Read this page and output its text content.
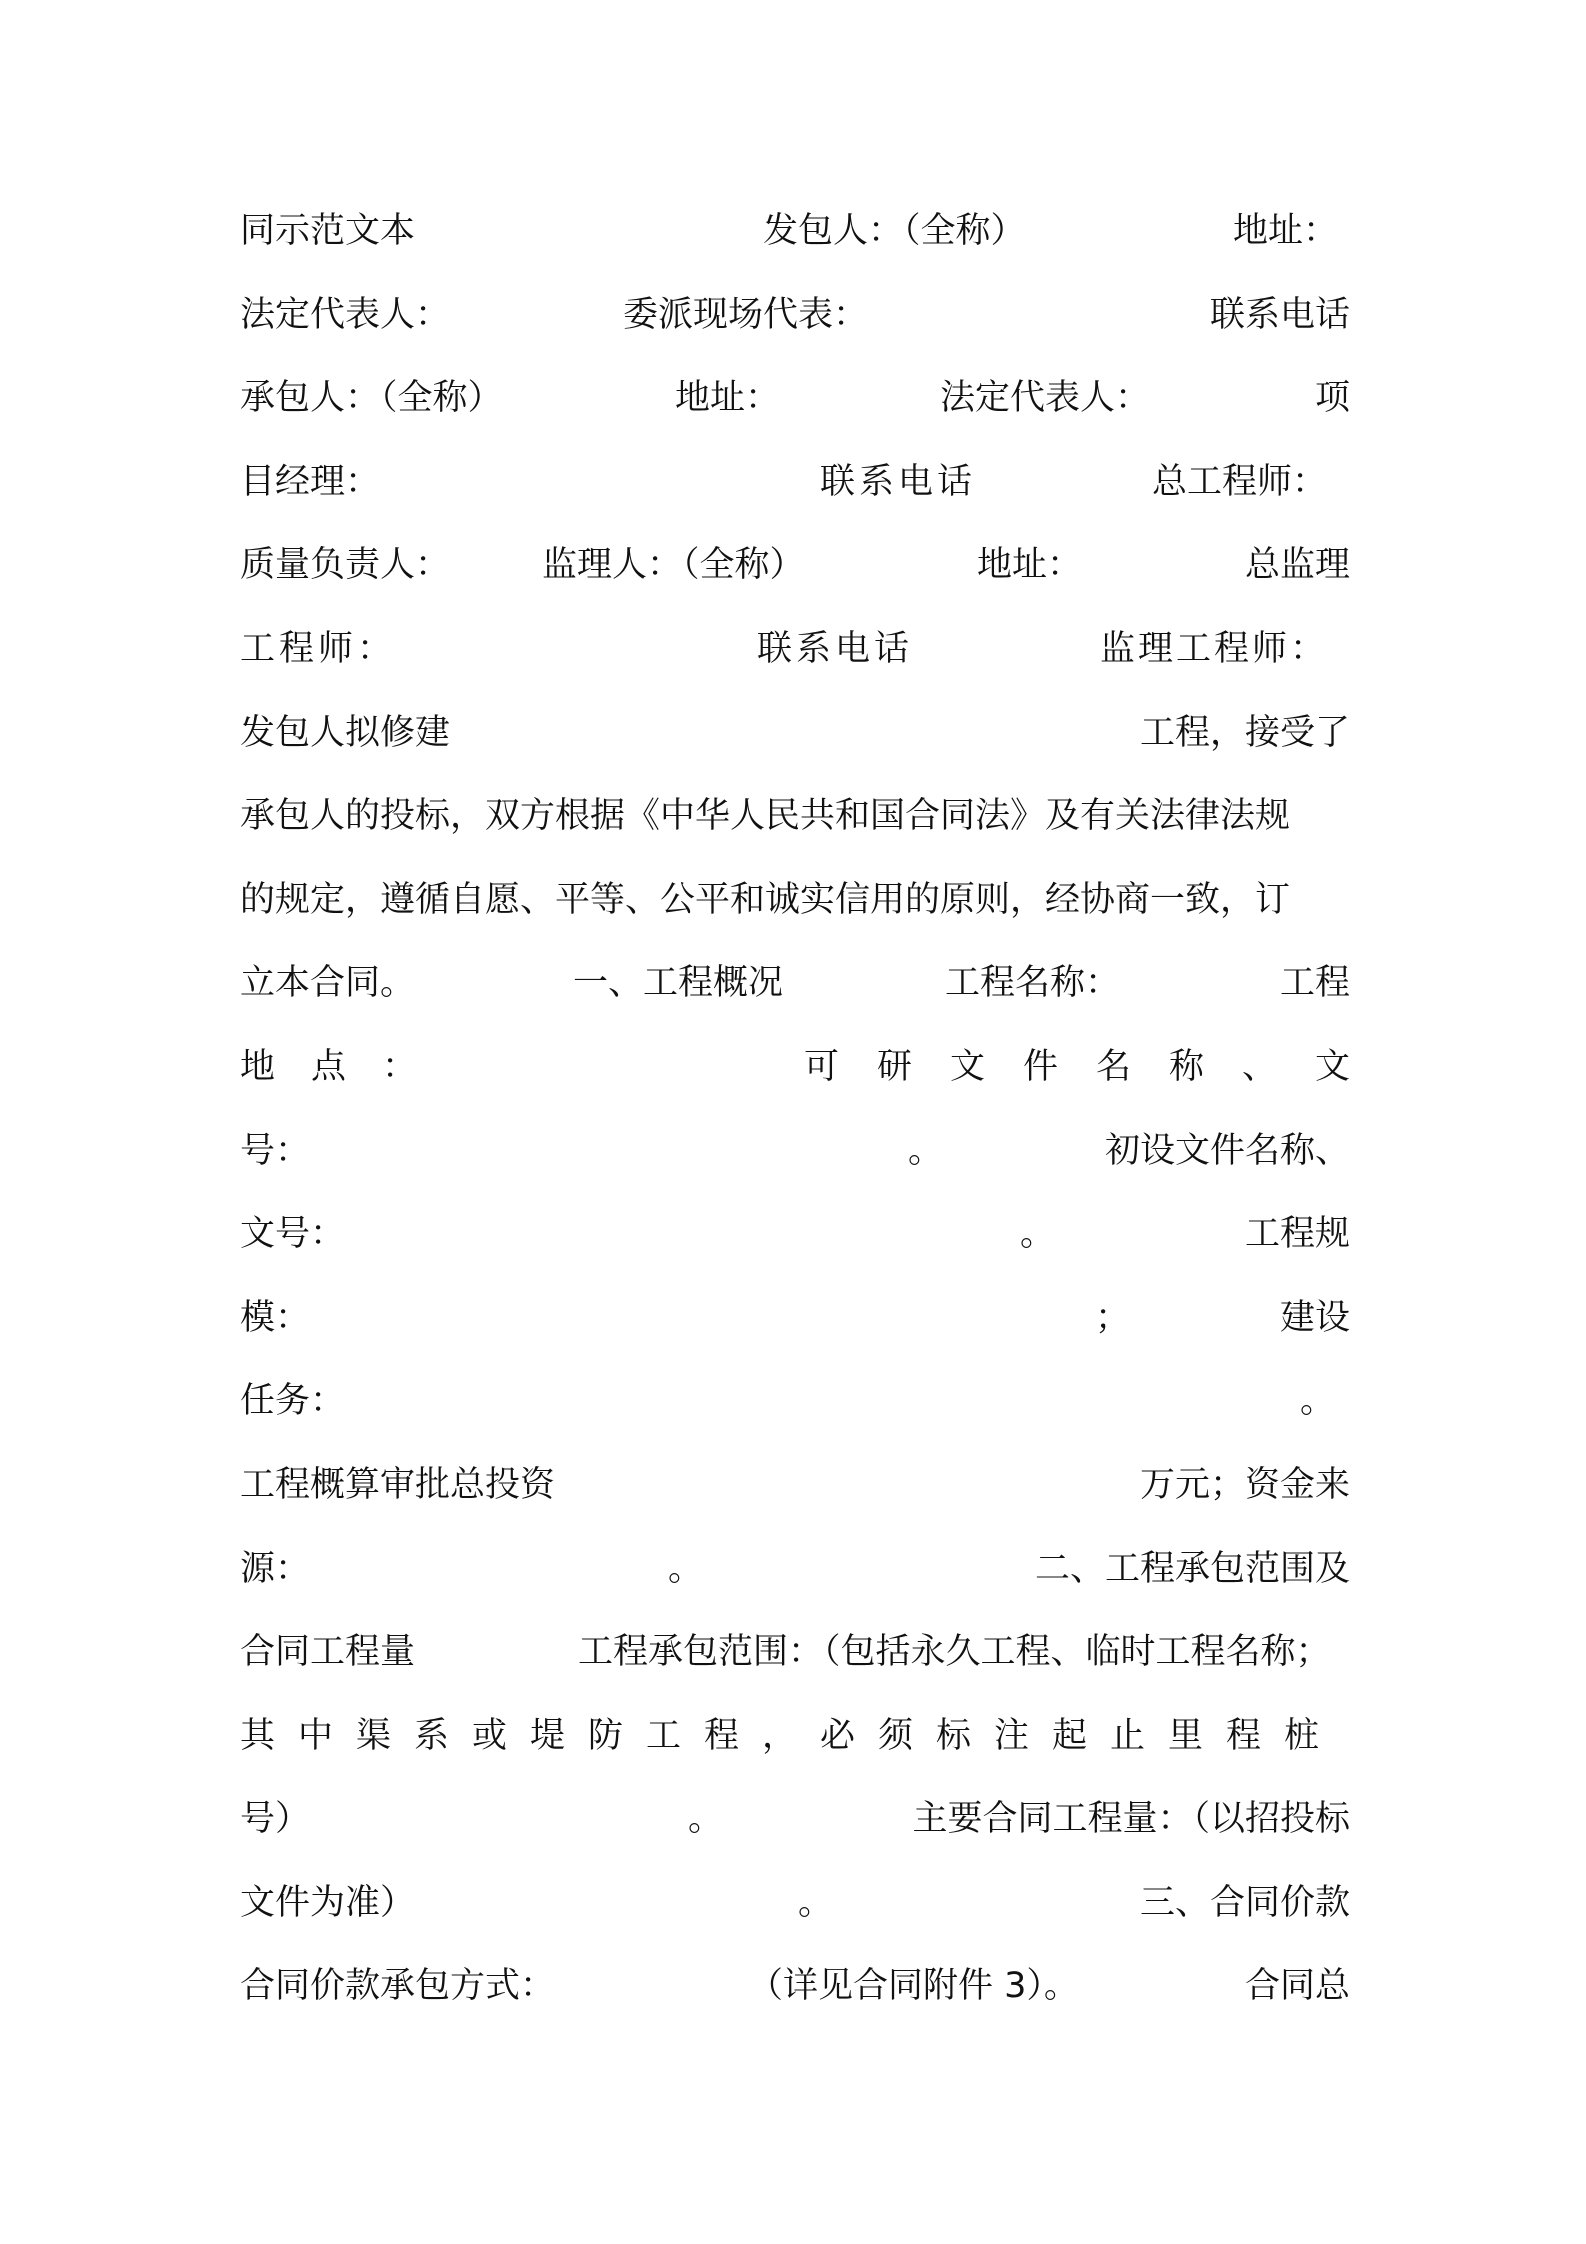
同示范文本	发包人：（全称）	地址：
法定代表人：	委派现场代表：	联系电话
承包人：（全称）	地址：	法定代表人：	项
目经理：	联系电话	总工程师：
质量负责人：	监理人：（全称）	地址：	总监理
工程师：	联系电话	监理工程师：
发包人拟修建	工程，接受了
承包人的投标，双方根据《中华人民共和国合同法》及有关法律法规
的规定，遵循自愿、平等、公平和诚实信用的原则，经协商一致，订
立本合同。	一、工程概况	工程名称：	工程
地点：	可研文件名称、文
号：	。	初设文件名称、
文号：	。	工程规
模：	；	建设
任务：	。
工程概算审批总投资	万元；资金来
源：	。	二、工程承包范围及
合同工程量	工程承包范围：（包括永久工程、临时工程名称；
其中渠系或堤防工程，必须标注起止里程桩
号）	。	主要合同工程量：（以招投标
文件为准）	。	三、合同价款
合同价款承包方式：	（详见合同附件 3）。	合同总
